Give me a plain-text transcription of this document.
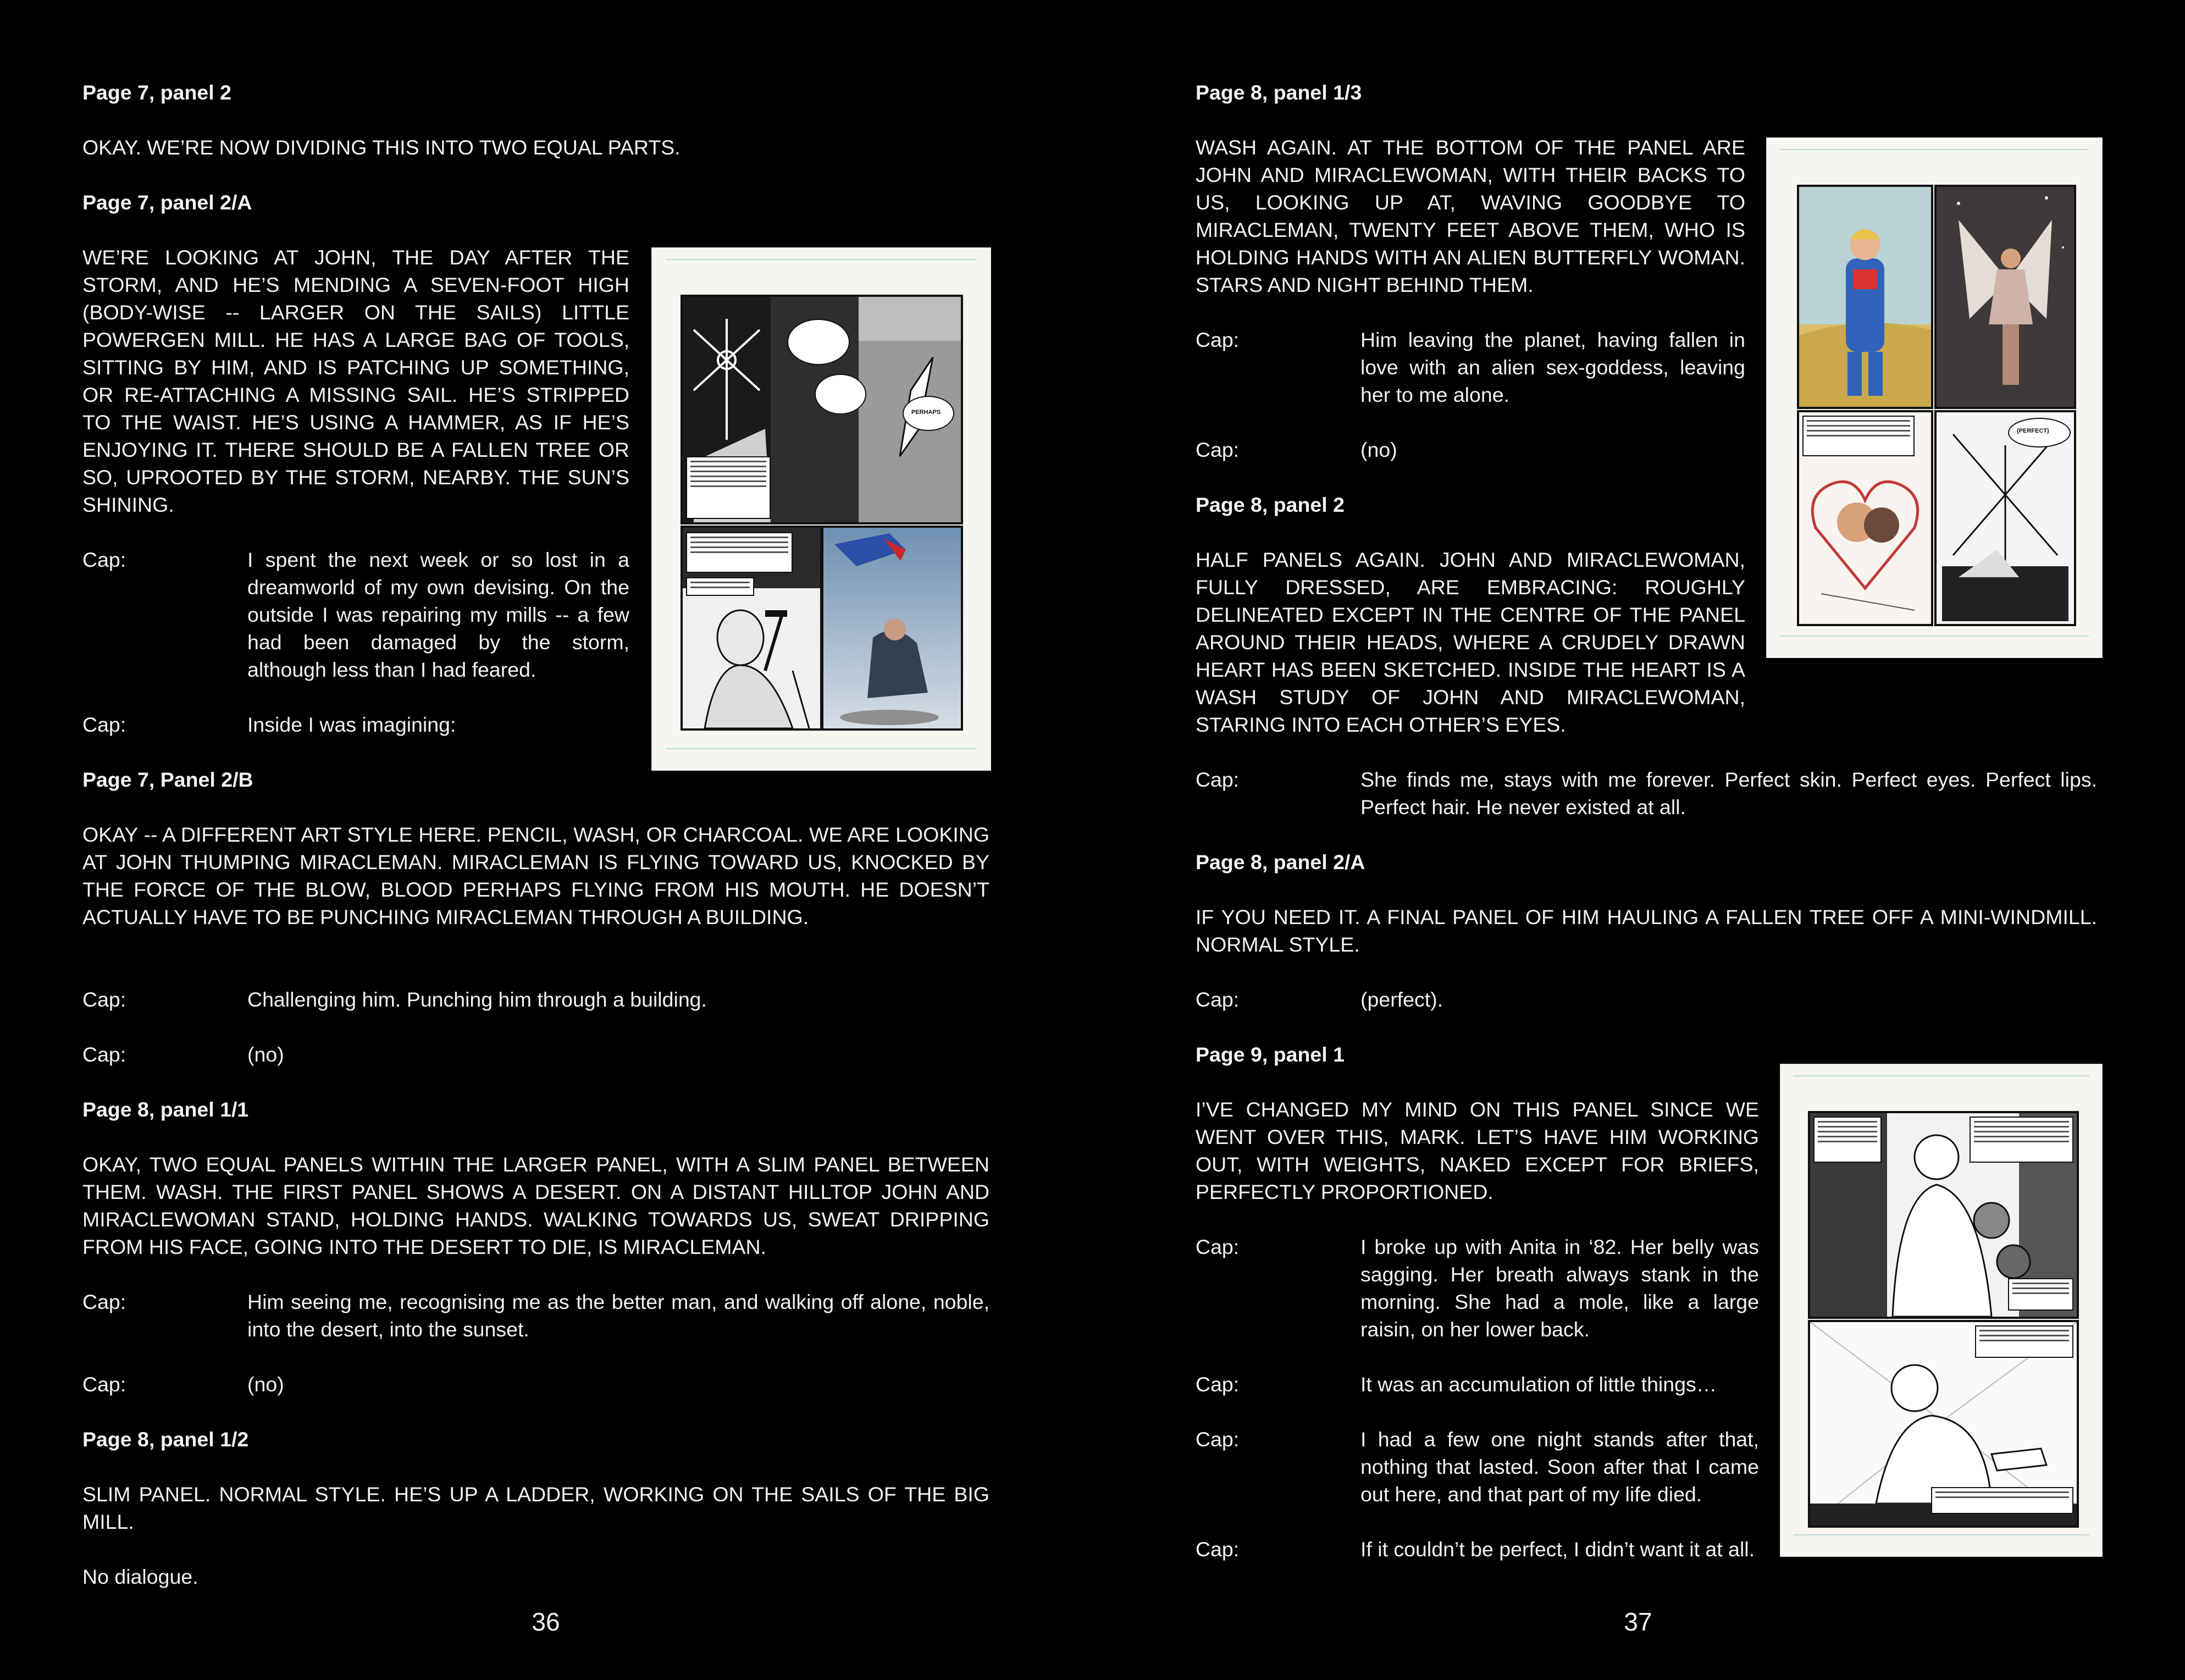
Page 7, panel 2

OKAY. WE’RE NOW DIVIDING THIS INTO TWO EQUAL PARTS.

Page 7, panel 2/A

WE’RE LOOKING AT JOHN, THE DAY AFTER THE STORM, AND HE’S MENDING A SEVEN-FOOT HIGH (BODY-WISE -- LARGER ON THE SAILS) LITTLE POWERGEN MILL. HE HAS A LARGE BAG OF TOOLS, SITTING BY HIM, AND IS PATCHING UP SOMETHING, OR RE-ATTACHING A MISSING SAIL. HE’S STRIPPED TO THE WAIST. HE’S USING A HAMMER, AS IF HE’S ENJOYING IT. THERE SHOULD BE A FALLEN TREE OR SO, UPROOTED BY THE STORM, NEARBY. THE SUN’S SHINING.

Cap:	I spent the next week or so lost in a dreamworld of my own devising. On the outside I was repairing my mills -- a few had been damaged by the storm, although less than I had feared.
Cap:	Inside I was imagining:

Page 7, Panel 2/B

OKAY -- A DIFFERENT ART STYLE HERE. PENCIL, WASH, OR CHARCOAL. WE ARE LOOKING AT JOHN THUMPING MIRACLEMAN. MIRACLEMAN IS FLYING TOWARD US, KNOCKED BY THE FORCE OF THE BLOW, BLOOD PERHAPS FLYING FROM HIS MOUTH. HE DOESN’T ACTUALLY HAVE TO BE PUNCHING MIRACLEMAN THROUGH A BUILDING.

Cap:	Challenging him. Punching him through a building.
Cap:	(no)

Page 8, panel 1/1

OKAY, TWO EQUAL PANELS WITHIN THE LARGER PANEL, WITH A SLIM PANEL BETWEEN THEM. WASH. THE FIRST PANEL SHOWS A DESERT. ON A DISTANT HILLTOP JOHN AND MIRACLEWOMAN STAND, HOLDING HANDS. WALKING TOWARDS US, SWEAT DRIPPING FROM HIS FACE, GOING INTO THE DESERT TO DIE, IS MIRACLEMAN.

Cap:	Him seeing me, recognising me as the better man, and walking off alone, noble, into the desert, into the sunset.
Cap:	(no)

Page 8, panel 1/2

SLIM PANEL. NORMAL STYLE. HE’S UP A LADDER, WORKING ON THE SAILS OF THE BIG MILL.

No dialogue.

36
PERHAPS

Page 8, panel 1/3

WASH AGAIN. AT THE BOTTOM OF THE PANEL ARE JOHN AND MIRACLEWOMAN, WITH THEIR BACKS TO US, LOOKING UP AT, WAVING GOODBYE TO MIRACLEMAN, TWENTY FEET ABOVE THEM, WHO IS HOLDING HANDS WITH AN ALIEN BUTTERFLY WOMAN. STARS AND NIGHT BEHIND THEM.

Cap:	Him leaving the planet, having fallen in love with an alien sex-goddess, leaving her to me alone.
Cap:	(no)

Page 8, panel 2

HALF PANELS AGAIN. JOHN AND MIRACLEWOMAN, FULLY DRESSED, ARE EMBRACING: ROUGHLY DELINEATED EXCEPT IN THE CENTRE OF THE PANEL AROUND THEIR HEADS, WHERE A CRUDELY DRAWN HEART HAS BEEN SKETCHED. INSIDE THE HEART IS A WASH STUDY OF JOHN AND MIRACLEWOMAN, STARING INTO EACH OTHER’S EYES.

Cap:	She finds me, stays with me forever. Perfect skin. Perfect eyes. Perfect lips. Perfect hair. He never existed at all.

Page 8, panel 2/A

IF YOU NEED IT. A FINAL PANEL OF HIM HAULING A FALLEN TREE OFF A MINI-WINDMILL. NORMAL STYLE.

Cap:	(perfect).

Page 9, panel 1

I’VE CHANGED MY MIND ON THIS PANEL SINCE WE WENT OVER THIS, MARK. LET’S HAVE HIM WORKING OUT, WITH WEIGHTS, NAKED EXCEPT FOR BRIEFS, PERFECTLY PROPORTIONED.

Cap:	I broke up with Anita in ‘82. Her belly was sagging. Her breath always stank in the morning. She had a mole, like a large raisin, on her lower back.
Cap:	It was an accumulation of little things…
Cap:	I had a few one night stands after that, nothing that lasted. Soon after that I came out here, and that part of my life died.
Cap:	If it couldn’t be perfect, I didn’t want it at all.
37
(PERFECT)
